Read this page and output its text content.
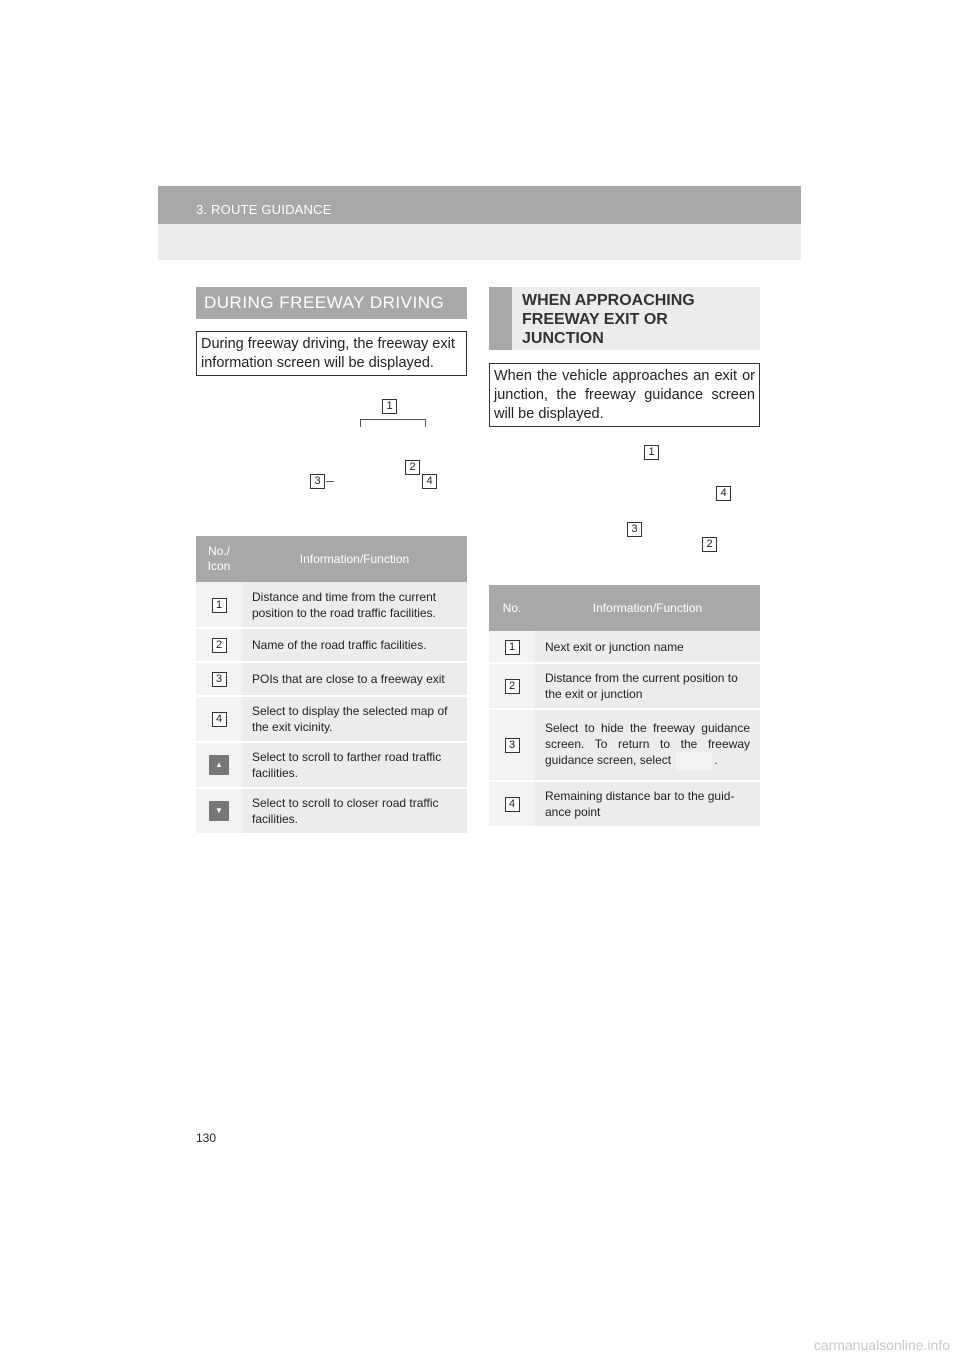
3. ROUTE GUIDANCE
DURING FREEWAY DRIVING
During freeway driving, the freeway exit information screen will be displayed.
1
2
3	4
No./ Icon	Information/Function
1	Distance and time from the current position to the road traffic facilities.
2	Name of the road traffic facilities.
3	POIs that are close to a freeway exit
4	Select to display the selected map of the exit vicinity.
▲	Select to scroll to farther road traffic facilities.
▼	Select to scroll to closer road traffic facilities.
WHEN APPROACHING FREEWAY EXIT OR JUNCTION
When the vehicle approaches an exit or junction, the freeway guidance screen will be displayed.
1
4
3
2
No.	Information/Function
1	Next exit or junction name
2	Distance from the current position to the exit or junction
3	Select to hide the freeway guidance screen. To return to the freeway guidance screen, select .
4	Remaining distance bar to the guid- ance point
130
carmanualsonline.info
